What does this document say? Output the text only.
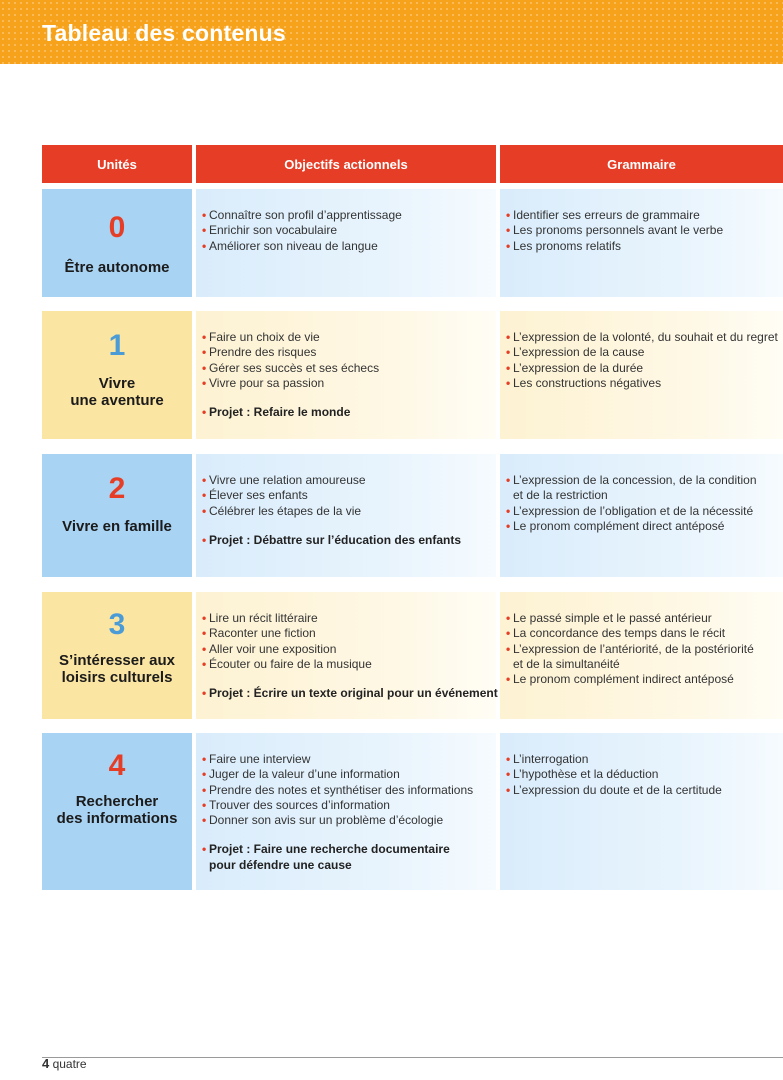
Tableau des contenus
Unités	Objectifs actionnels	Grammaire
0
Être autonome
• Connaître son profil d’apprentissage
• Enrichir son vocabulaire
• Améliorer son niveau de langue
• Identifier ses erreurs de grammaire
• Les pronoms personnels avant le verbe
• Les pronoms relatifs
1
Vivre
une aventure
• Faire un choix de vie
• Prendre des risques
• Gérer ses succès et ses échecs
• Vivre pour sa passion
• Projet : Refaire le monde
• L’expression de la volonté, du souhait et du regret
• L’expression de la cause
• L’expression de la durée
• Les constructions négatives
2
Vivre en famille
• Vivre une relation amoureuse
• Élever ses enfants
• Célébrer les étapes de la vie
• Projet : Débattre sur l’éducation des enfants
• L’expression de la concession, de la condition
et de la restriction
• L’expression de l’obligation et de la nécessité
• Le pronom complément direct antéposé
3
S’intéresser aux
loisirs culturels
• Lire un récit littéraire
• Raconter une fiction
• Aller voir une exposition
• Écouter ou faire de la musique
• Projet : Écrire un texte original pour un événement
• Le passé simple et le passé antérieur
• La concordance des temps dans le récit
• L’expression de l’antériorité, de la postériorité
et de la simultanéité
• Le pronom complément indirect antéposé
4
Rechercher
des informations
• Faire une interview
• Juger de la valeur d’une information
• Prendre des notes et synthétiser des informations
• Trouver des sources d’information
• Donner son avis sur un problème d’écologie
• Projet : Faire une recherche documentaire
pour défendre une cause
• L’interrogation
• L’hypothèse et la déduction
• L’expression du doute et de la certitude
4 quatre
